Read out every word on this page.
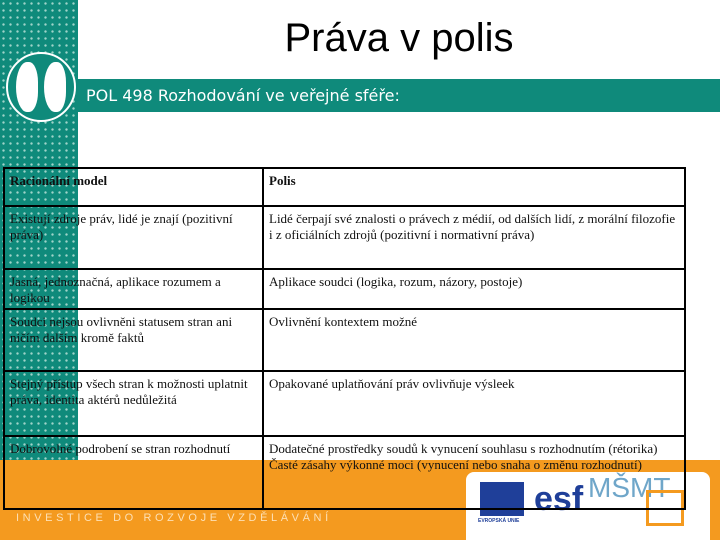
INVESTICE DO ROZVOJE VZDĚLÁVÁNÍ	EVROPSKÁ UNIE
esf MŠMT
Práva v polis
POL 498 Rozhodování ve veřejné sféře:
Racionální model	Polis
Existují zdroje práv, lidé je znají (pozitivní práva)	Lidé čerpají své znalosti o právech z médií, od dalších lidí, z morální filozofie i z oficiálních zdrojů (pozitivní i normativní práva)
Jasná, jednoznačná, aplikace rozumem a logikou	Aplikace soudci (logika, rozum, názory, postoje)
Soudci nejsou ovlivněni statusem stran ani ničím dalším kromě faktů	Ovlivnění kontextem možné
Stejný přístup všech stran k možnosti uplatnit práva, identita aktérů nedůležitá	Opakované uplatňování práv ovlivňuje výsleek
Dobrovolné podrobení se stran rozhodnutí	Dodatečné prostředky soudů k vynucení souhlasu s rozhodnutím (rétorika)
Časté zásahy výkonné moci (vynucení nebo snaha o změnu rozhodnutí)
